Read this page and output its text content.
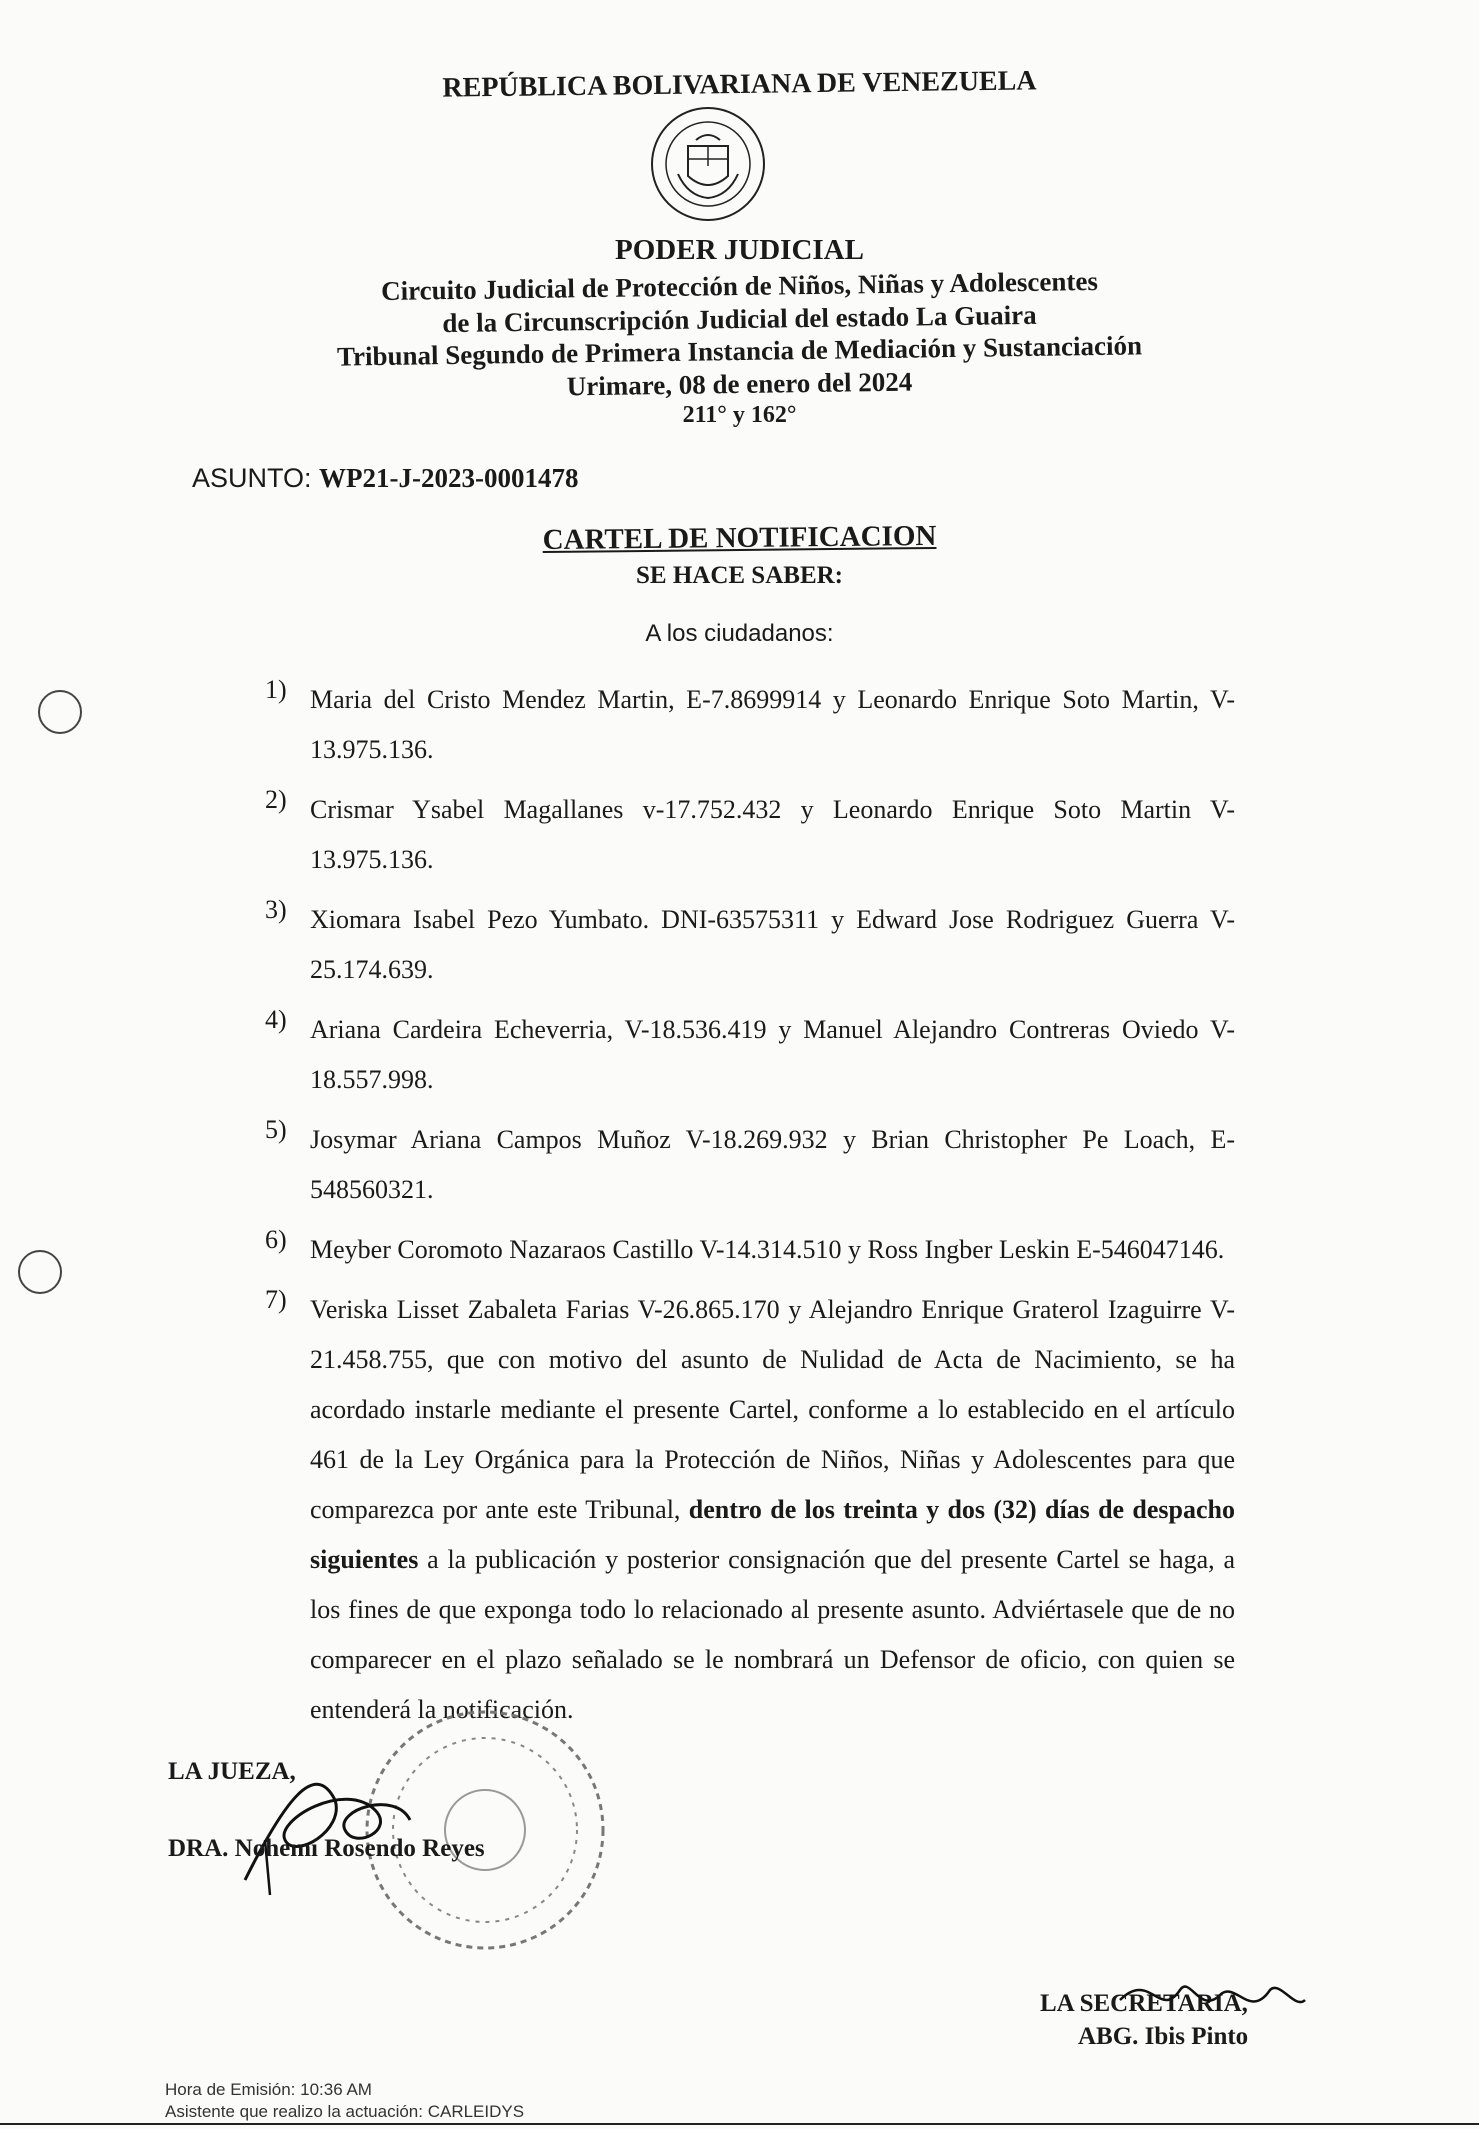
REPÚBLICA BOLIVARIANA DE VENEZUELA
PODER JUDICIAL
Circuito Judicial de Protección de Niños, Niñas y Adolescentes
de la Circunscripción Judicial del estado La Guaira
Tribunal Segundo de Primera Instancia de Mediación y Sustanciación
Urimare, 08 de enero del 2024
211° y 162°
ASUNTO: WP21-J-2023-0001478
CARTEL DE NOTIFICACION
SE HACE SABER:
A los ciudadanos:
1) Maria del Cristo Mendez Martin, E-7.8699914 y Leonardo Enrique Soto Martin, V-13.975.136.
2) Crismar Ysabel Magallanes v-17.752.432 y Leonardo Enrique Soto Martin V-13.975.136.
3) Xiomara Isabel Pezo Yumbato. DNI-63575311 y Edward Jose Rodriguez Guerra V-25.174.639.
4) Ariana Cardeira Echeverria, V-18.536.419 y Manuel Alejandro Contreras Oviedo V-18.557.998.
5) Josymar Ariana Campos Muñoz V-18.269.932 y Brian Christopher Pe Loach, E-548560321.
6) Meyber Coromoto Nazaraos Castillo V-14.314.510 y Ross Ingber Leskin E-546047146.
7) Veriska Lisset Zabaleta Farias V-26.865.170 y Alejandro Enrique Graterol Izaguirre V-21.458.755, que con motivo del asunto de Nulidad de Acta de Nacimiento, se ha acordado instarle mediante el presente Cartel, conforme a lo establecido en el artículo 461 de la Ley Orgánica para la Protección de Niños, Niñas y Adolescentes para que comparezca por ante este Tribunal, dentro de los treinta y dos (32) días de despacho siguientes a la publicación y posterior consignación que del presente Cartel se haga, a los fines de que exponga todo lo relacionado al presente asunto. Adviértasele que de no comparecer en el plazo señalado se le nombrará un Defensor de oficio, con quien se entenderá la notificación.
LA JUEZA,
DRA. Nohemí Rosendo Reyes
LA SECRETARIA,
ABG. Ibis Pinto
Hora de Emisión: 10:36 AM
Asistente que realizo la actuación: CARLEIDYS
